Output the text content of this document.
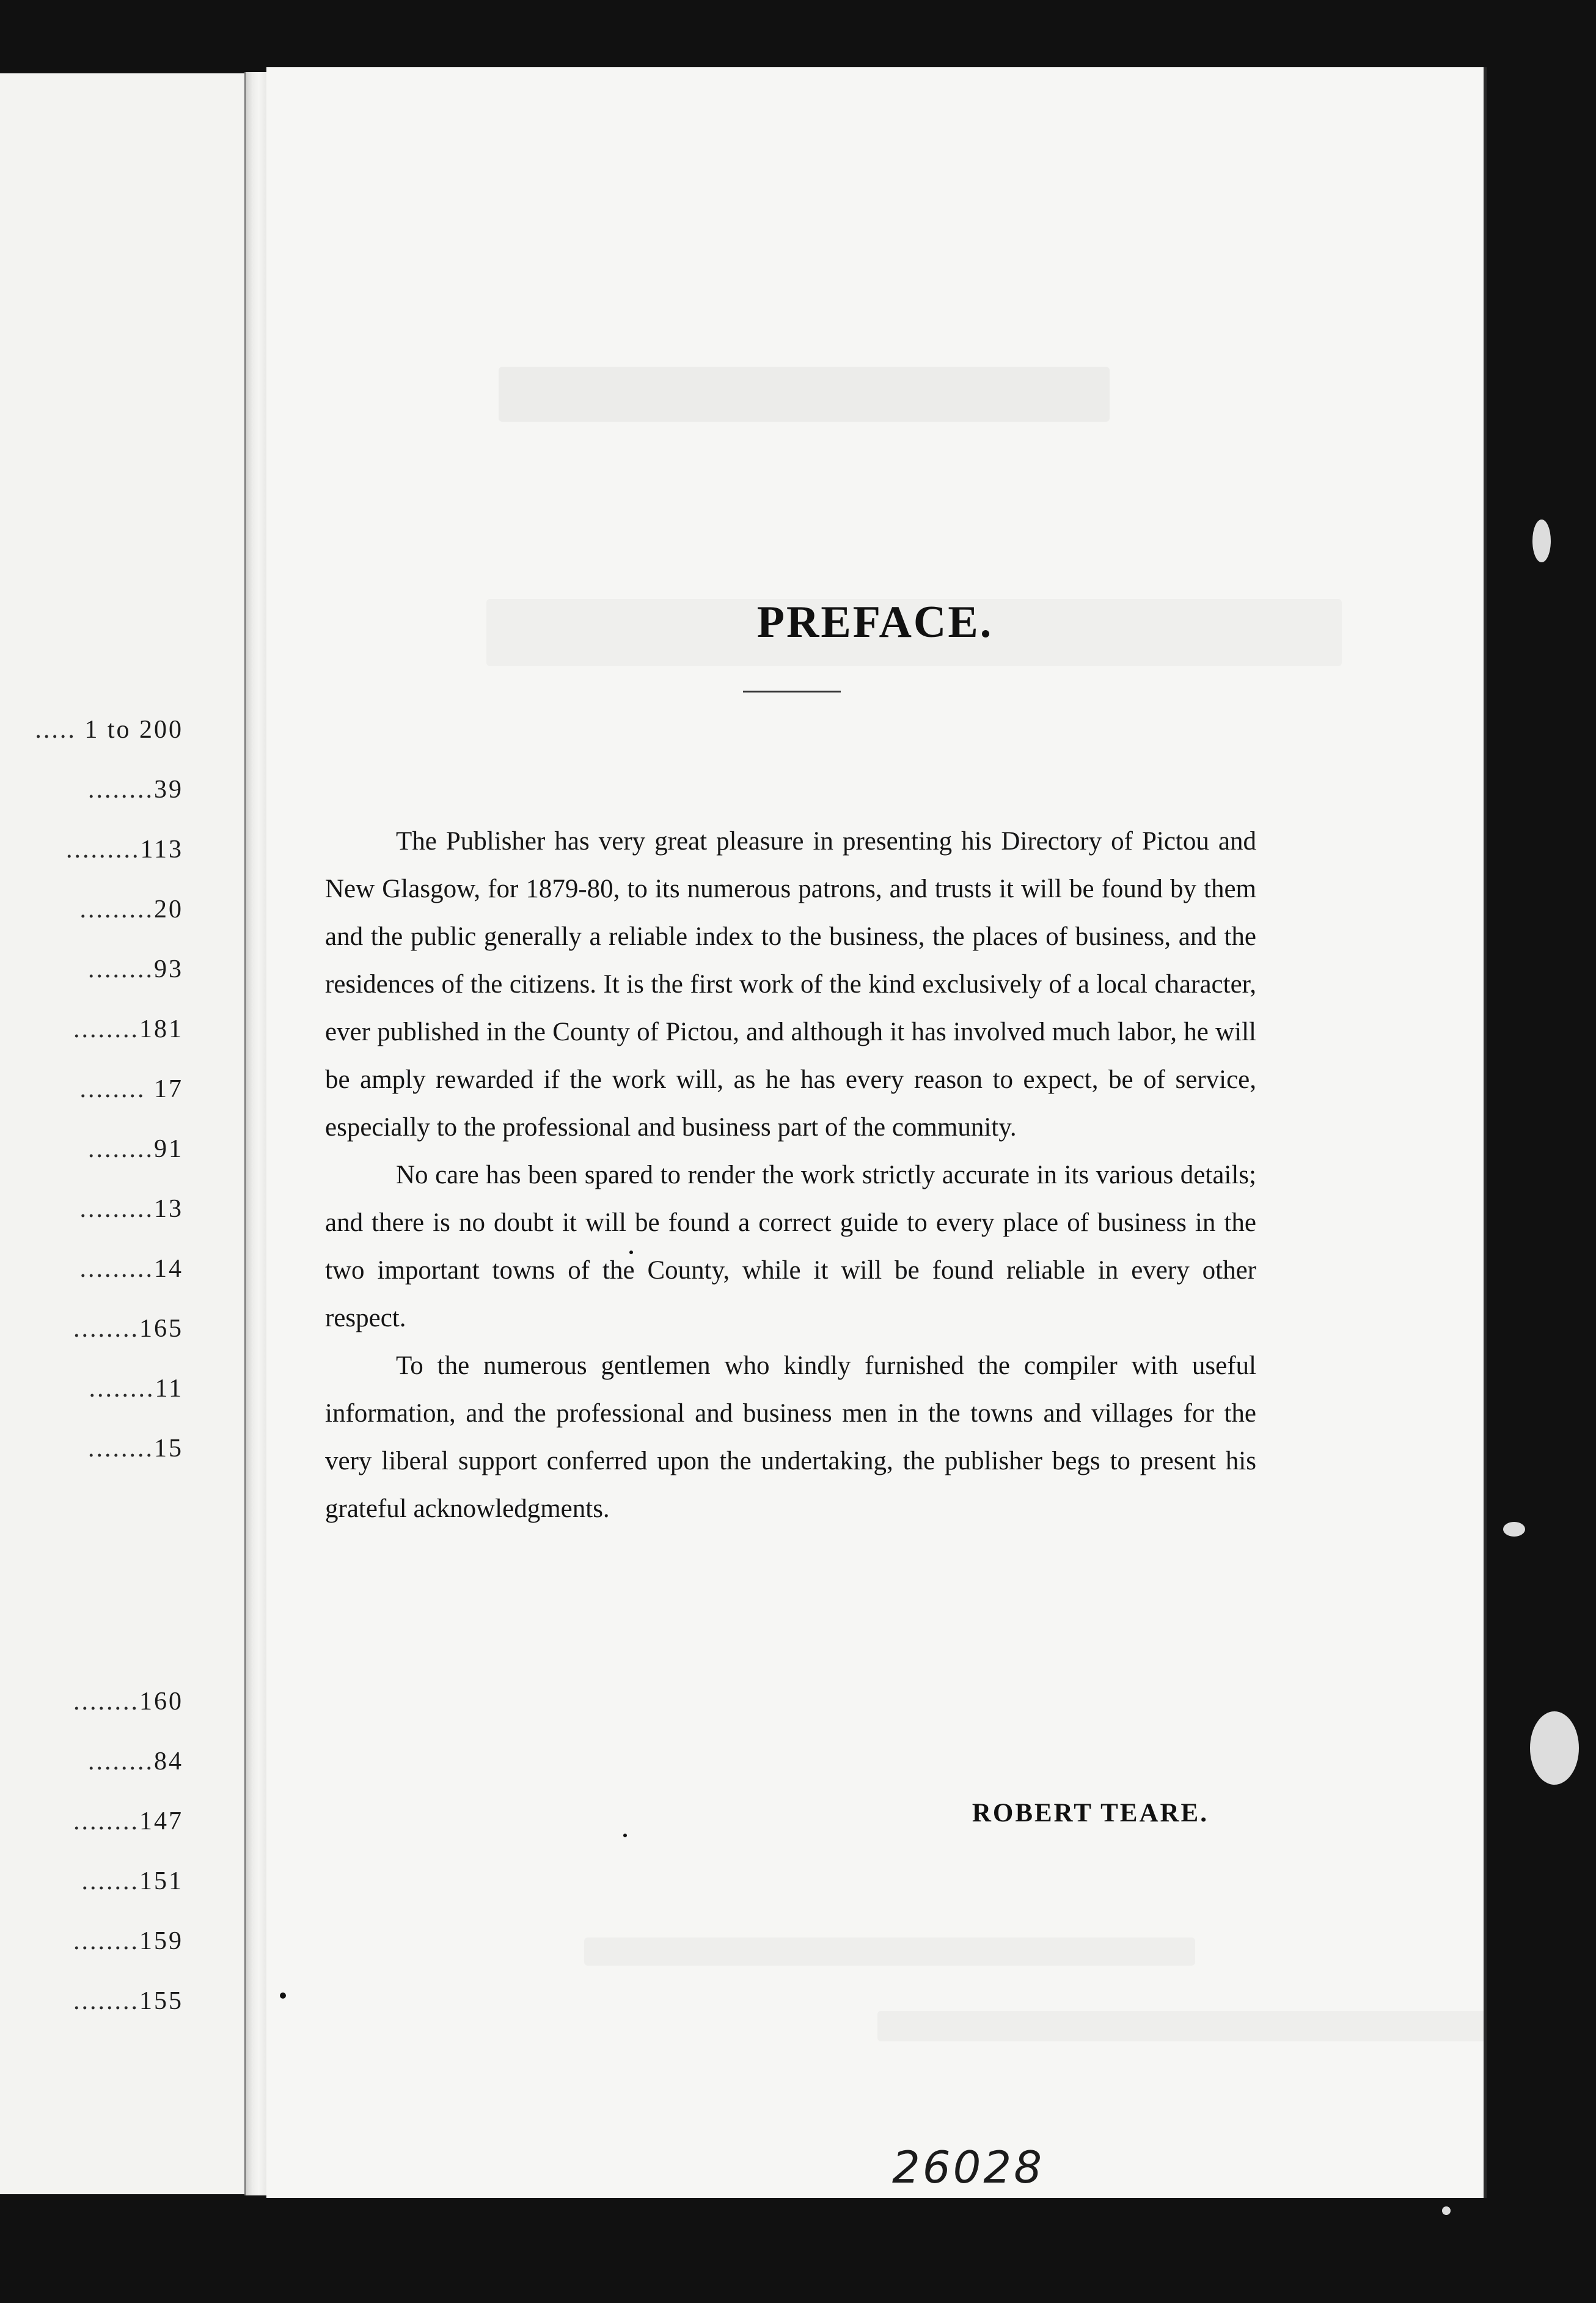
..... 1 to 200
........39
.........113
.........20
........93
........181
........ 17
........91
.........13
.........14
........165
........11
........15
........160
........84
........147
.......151
........159
........155
PREFACE.

The Publisher has very great pleasure in presenting his Directory of Pictou and New Glasgow, for 1879-80, to its numerous patrons, and trusts it will be found by them and the public generally a reliable index to the business, the places of business, and the residences of the citizens. It is the first work of the kind exclusively of a local character, ever published in the County of Pictou, and although it has involved much labor, he will be amply rewarded if the work will, as he has every reason to expect, be of service, especially to the professional and business part of the community.

No care has been spared to render the work strictly accurate in its various details; and there is no doubt it will be found a correct guide to every place of business in the two important towns of the County, while it will be found reliable in every other respect.

To the numerous gentlemen who kindly furnished the compiler with useful information, and the professional and business men in the towns and villages for the very liberal support conferred upon the undertaking, the publisher begs to present his grateful acknowledgments.

ROBERT TEARE.
26028
